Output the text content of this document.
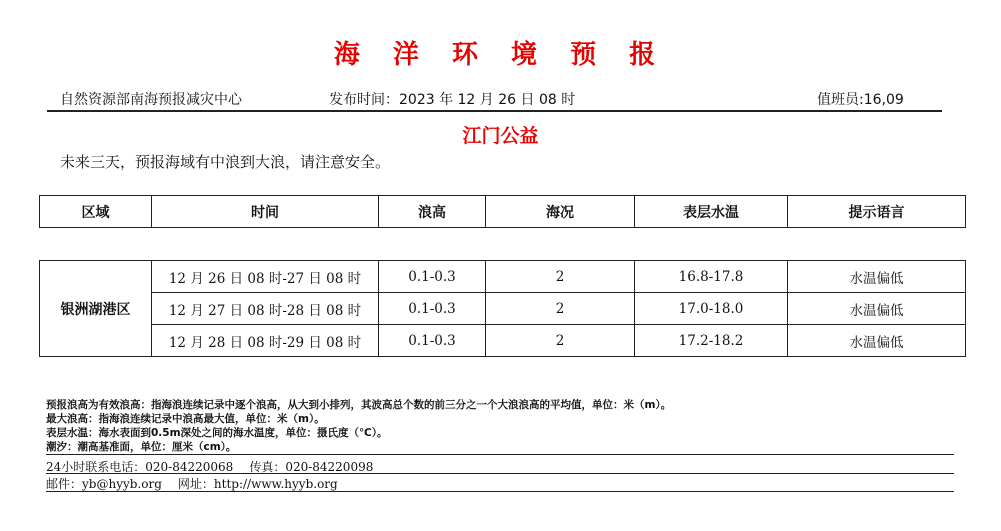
海 洋 环 境 预 报
自然资源部南海预报减灾中心	发布时间：2023 年 12 月 26 日 08 时	值班员:16,09
江门公益
未来三天，预报海域有中浪到大浪，请注意安全。
区域	时间	浪高	海况	表层水温	提示语言
银洲湖港区	12 月 26 日 08 时-27 日 08 时	0.1-0.3	2	16.8-17.8	水温偏低
	12 月 27 日 08 时-28 日 08 时	0.1-0.3	2	17.0-18.0	水温偏低
	12 月 28 日 08 时-29 日 08 时	0.1-0.3	2	17.2-18.2	水温偏低
预报浪高为有效浪高：指海浪连续记录中逐个浪高，从大到小排列，其波高总个数的前三分之一个大浪浪高的平均值，单位：米（m）。
最大浪高：指海浪连续记录中浪高最大值，单位：米（m）。
表层水温：海水表面到0.5m深处之间的海水温度，单位：摄氏度（℃）。
潮汐：潮高基准面，单位：厘米（cm）。
24小时联系电话：020-84220068 传真：020-84220098
邮件：yb@hyyb.org 网址：http://www.hyyb.org
